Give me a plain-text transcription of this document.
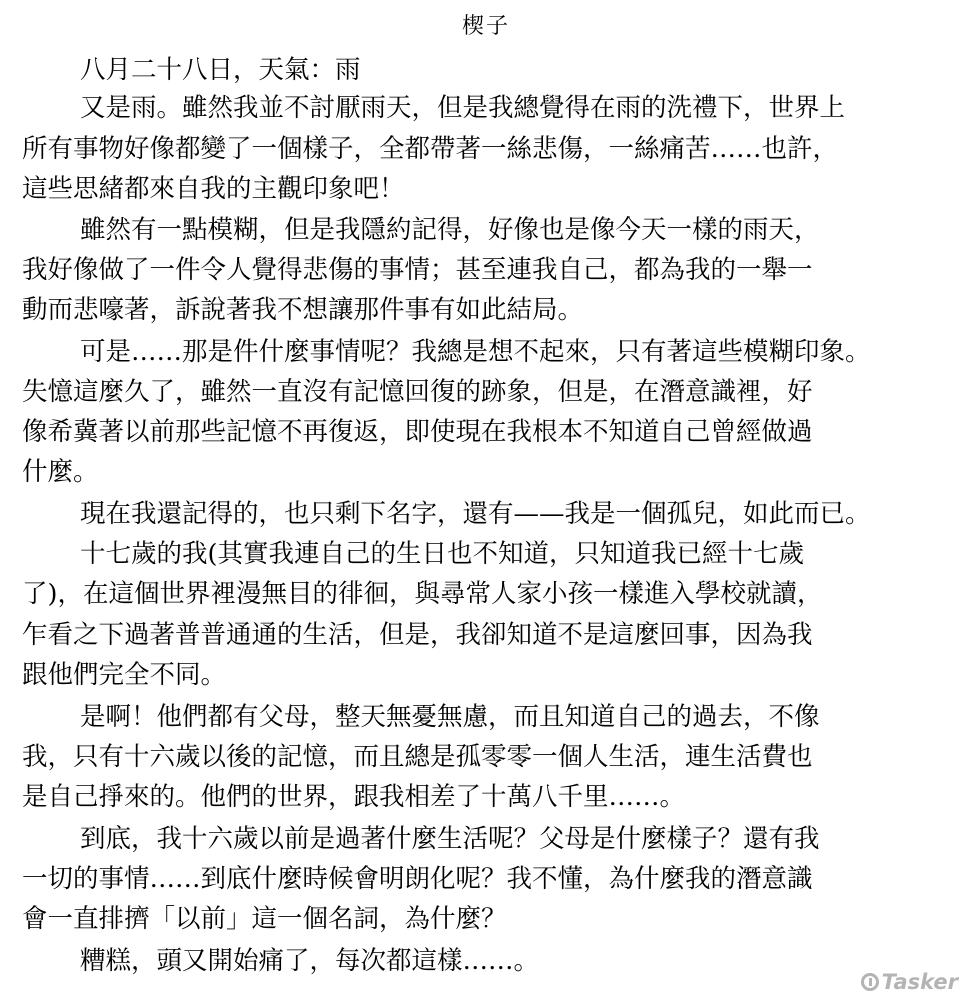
楔子
八月二十八日，天氣：雨
又是雨。雖然我並不討厭雨天，但是我總覺得在雨的洗禮下，世界上
所有事物好像都變了一個樣子，全都帶著一絲悲傷，一絲痛苦……也許，
這些思緒都來自我的主觀印象吧！
雖然有一點模糊，但是我隱約記得，好像也是像今天一樣的雨天，
我好像做了一件令人覺得悲傷的事情；甚至連我自己，都為我的一舉一
動而悲嚎著，訴說著我不想讓那件事有如此結局。
可是……那是件什麼事情呢？我總是想不起來，只有著這些模糊印象。
失憶這麼久了，雖然一直沒有記憶回復的跡象，但是，在潛意識裡，好
像希冀著以前那些記憶不再復返，即使現在我根本不知道自己曾經做過
什麼。
現在我還記得的，也只剩下名字，還有——我是一個孤兒，如此而已。
十七歲的我(其實我連自己的生日也不知道，只知道我已經十七歲
了)，在這個世界裡漫無目的徘徊，與尋常人家小孩一樣進入學校就讀，
乍看之下過著普普通通的生活，但是，我卻知道不是這麼回事，因為我
跟他們完全不同。
是啊！他們都有父母，整天無憂無慮，而且知道自己的過去，不像
我，只有十六歲以後的記憶，而且總是孤零零一個人生活，連生活費也
是自己掙來的。他們的世界，跟我相差了十萬八千里……。
到底，我十六歲以前是過著什麼生活呢？父母是什麼樣子？還有我
一切的事情……到底什麼時候會明朗化呢？我不懂，為什麼我的潛意識
會一直排擠「以前」這一個名詞，為什麼？
糟糕，頭又開始痛了，每次都這樣……。
Tasker
